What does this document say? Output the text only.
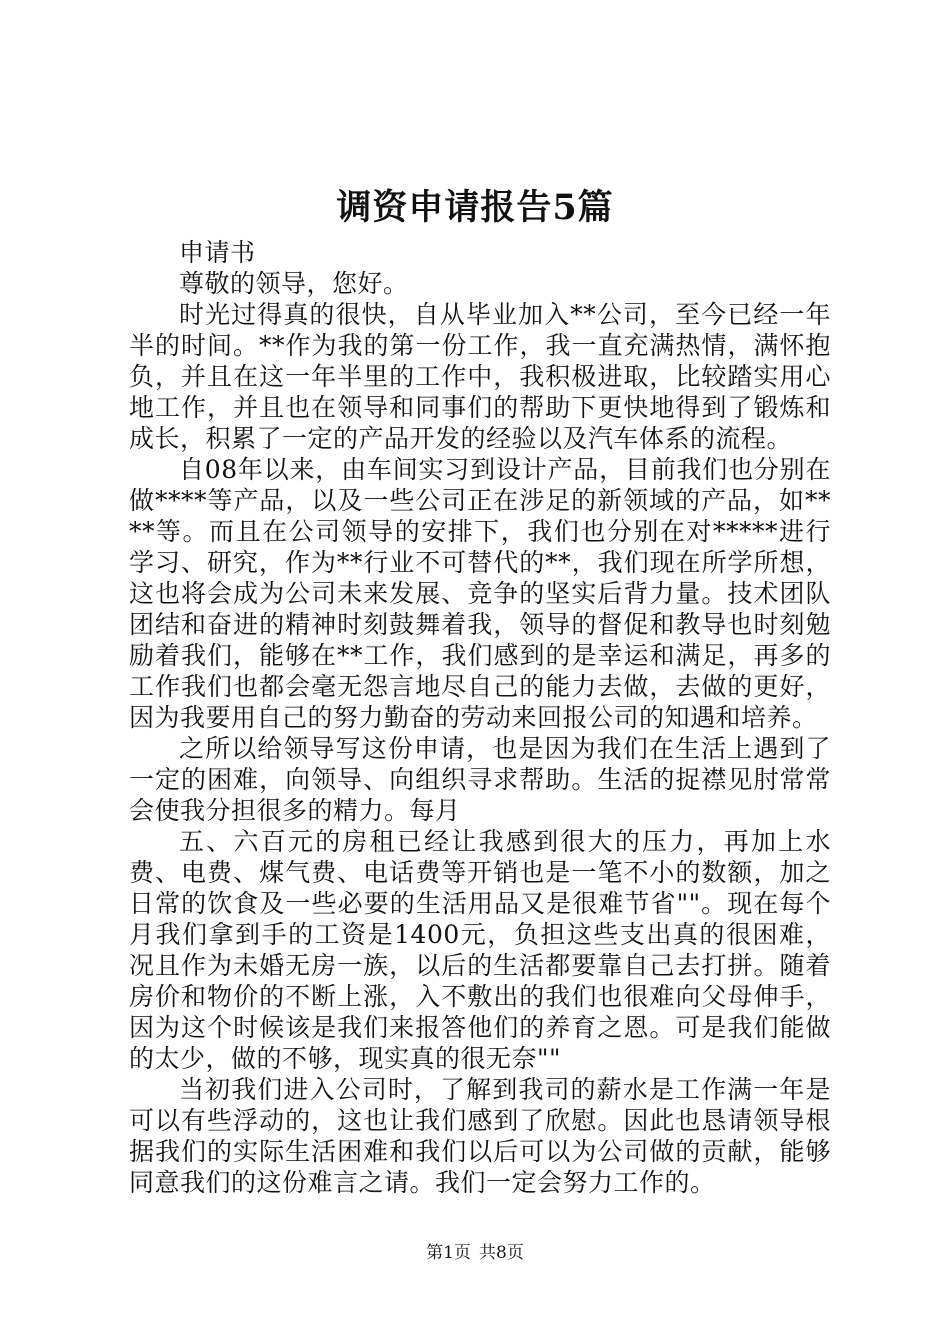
调资申请报告5篇

申请书

尊敬的领导，您好。

时光过得真的很快，自从毕业加入**公司，至今已经一年半的时间。**作为我的第一份工作，我一直充满热情，满怀抱负，并且在这一年半里的工作中，我积极进取，比较踏实用心地工作，并且也在领导和同事们的帮助下更快地得到了锻炼和成长，积累了一定的产品开发的经验以及汽车体系的流程。

自08年以来，由车间实习到设计产品，目前我们也分别在做****等产品，以及一些公司正在涉足的新领域的产品，如****等。而且在公司领导的安排下，我们也分别在对*****进行学习、研究，作为**行业不可替代的**，我们现在所学所想，这也将会成为公司未来发展、竞争的坚实后背力量。技术团队团结和奋进的精神时刻鼓舞着我，领导的督促和教导也时刻勉励着我们，能够在**工作，我们感到的是幸运和满足，再多的工作我们也都会毫无怨言地尽自己的能力去做，去做的更好，因为我要用自己的努力勤奋的劳动来回报公司的知遇和培养。

之所以给领导写这份申请，也是因为我们在生活上遇到了一定的困难，向领导、向组织寻求帮助。生活的捉襟见肘常常会使我分担很多的精力。每月

五、六百元的房租已经让我感到很大的压力，再加上水费、电费、煤气费、电话费等开销也是一笔不小的数额，加之日常的饮食及一些必要的生活用品又是很难节省""。现在每个月我们拿到手的工资是1400元，负担这些支出真的很困难，况且作为未婚无房一族，以后的生活都要靠自己去打拼。随着房价和物价的不断上涨，入不敷出的我们也很难向父母伸手，因为这个时候该是我们来报答他们的养育之恩。可是我们能做的太少，做的不够，现实真的很无奈""

当初我们进入公司时，了解到我司的薪水是工作满一年是可以有些浮动的，这也让我们感到了欣慰。因此也恳请领导根据我们的实际生活困难和我们以后可以为公司做的贡献，能够同意我们的这份难言之请。我们一定会努力工作的。

第1页 共8页
